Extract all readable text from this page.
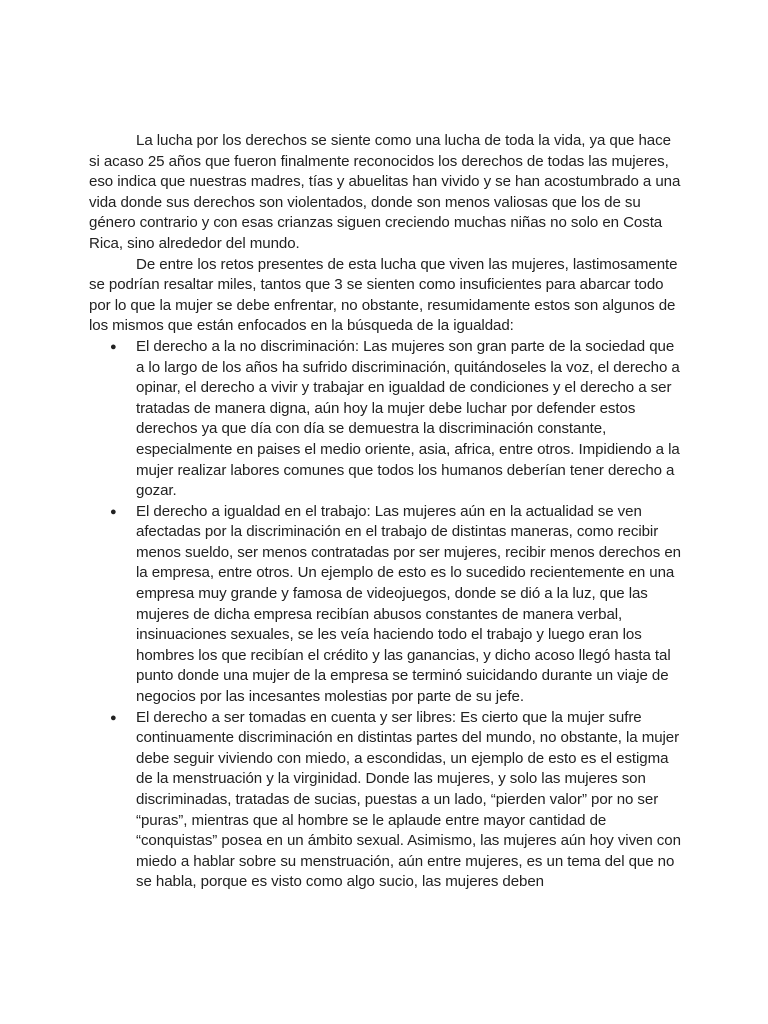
La lucha por los derechos se siente como una lucha de toda la vida, ya que hace si acaso 25 años que fueron finalmente reconocidos los derechos de todas las mujeres, eso indica que nuestras madres, tías y abuelitas han vivido y se han acostumbrado a una vida donde sus derechos son violentados, donde son menos valiosas que los de su género contrario y con esas crianzas siguen creciendo muchas niñas no solo en Costa Rica, sino alrededor del mundo.

De entre los retos presentes de esta lucha que viven las mujeres, lastimosamente se podrían resaltar miles, tantos que 3 se sienten como insuficientes para abarcar todo por lo que la mujer se debe enfrentar, no obstante, resumidamente estos son algunos de los mismos que están enfocados en la búsqueda de la igualdad:

● El derecho a la no discriminación: Las mujeres son gran parte de la sociedad que a lo largo de los años ha sufrido discriminación, quitándoseles la voz, el derecho a opinar, el derecho a vivir y trabajar en igualdad de condiciones y el derecho a ser tratadas de manera digna, aún hoy la mujer debe luchar por defender estos derechos ya que día con día se demuestra la discriminación constante, especialmente en paises el medio oriente, asia, africa, entre otros. Impidiendo a la mujer realizar labores comunes que todos los humanos deberían tener derecho a gozar.
● El derecho a igualdad en el trabajo: Las mujeres aún en la actualidad se ven afectadas por la discriminación en el trabajo de distintas maneras, como recibir menos sueldo, ser menos contratadas por ser mujeres, recibir menos derechos en la empresa, entre otros. Un ejemplo de esto es lo sucedido recientemente en una empresa muy grande y famosa de videojuegos, donde se dió a la luz, que las mujeres de dicha empresa recibían abusos constantes de manera verbal, insinuaciones sexuales, se les veía haciendo todo el trabajo y luego eran los hombres los que recibían el crédito y las ganancias, y dicho acoso llegó hasta tal punto donde una mujer de la empresa se terminó suicidando durante un viaje de negocios por las incesantes molestias por parte de su jefe.
● El derecho a ser tomadas en cuenta y ser libres: Es cierto que la mujer sufre continuamente discriminación en distintas partes del mundo, no obstante, la mujer debe seguir viviendo con miedo, a escondidas, un ejemplo de esto es el estigma de la menstruación y la virginidad. Donde las mujeres, y solo las mujeres son discriminadas, tratadas de sucias, puestas a un lado, “pierden valor” por no ser “puras”, mientras que al hombre se le aplaude entre mayor cantidad de “conquistas” posea en un ámbito sexual. Asimismo, las mujeres aún hoy viven con miedo a hablar sobre su menstruación, aún entre mujeres, es un tema del que no se habla, porque es visto como algo sucio, las mujeres deben
